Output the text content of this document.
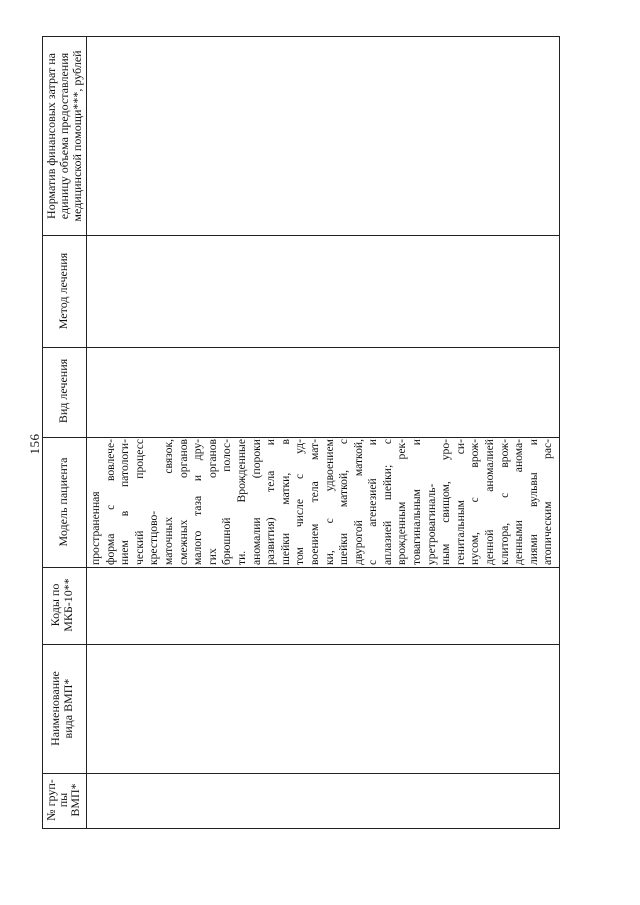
156
Норматив финансовых затрат на
единицу объема предоставления
медицинской помощи***, рублей
Метод лечения
Вид лечения
Модель пациента
Коды по
МКБ-10**
Наименование
вида ВМП*
№ груп-
пы
ВМП*
пространенная форма с вовлече- нием в патологи- ческий процесс крестцово- маточных связок, смежных органов малого таза и дру- гих органов брюшной полос- ти. Врожденные аномалии (пороки развития) тела и шейки матки, в том числе с уд- воением тела мат- ки, с удвоением шейки маткой, с двурогой маткой, с агенезией и аплазией шейки; с врожденным рек- товагинальным и уретровагиналь- ным свищом, уро- генитальным си- нусом, с врож- денной аномалией клитора, с врож- денными анома- лиями вульвы и атопическим рас-
